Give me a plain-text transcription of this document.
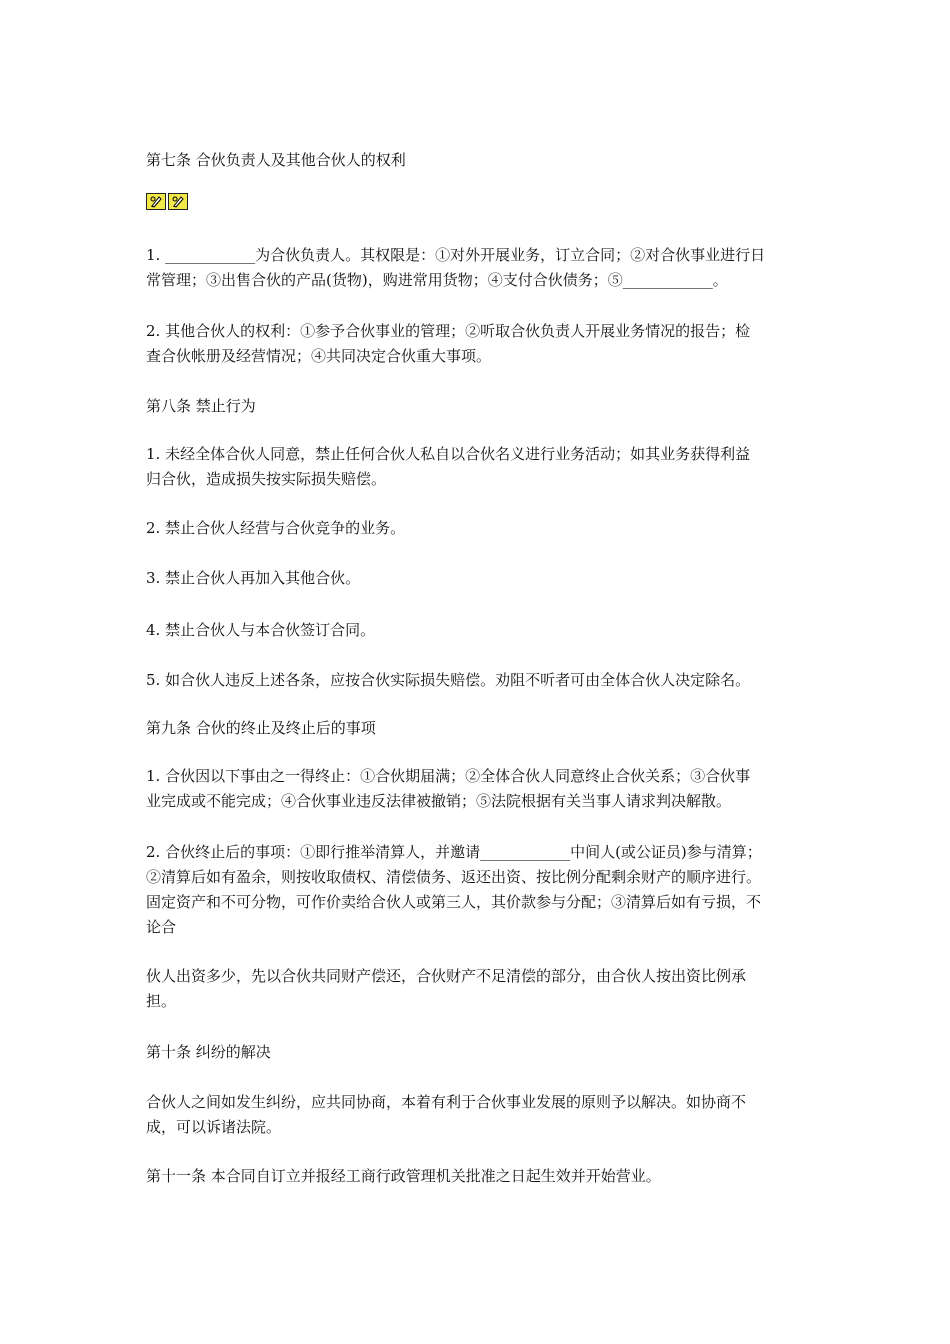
第七条 合伙负责人及其他合伙人的权利

1. ____________为合伙负责人。其权限是：①对外开展业务，订立合同；②对合伙事业进行日
常管理；③出售合伙的产品(货物)，购进常用货物；④支付合伙债务；⑤____________。
2. 其他合伙人的权利：①参予合伙事业的管理；②听取合伙负责人开展业务情况的报告；检
查合伙帐册及经营情况；④共同决定合伙重大事项。

第八条 禁止行为

1. 未经全体合伙人同意，禁止任何合伙人私自以合伙名义进行业务活动；如其业务获得利益
归合伙，造成损失按实际损失赔偿。

2. 禁止合伙人经营与合伙竞争的业务。

3. 禁止合伙人再加入其他合伙。

4. 禁止合伙人与本合伙签订合同。

5. 如合伙人违反上述各条，应按合伙实际损失赔偿。劝阻不听者可由全体合伙人决定除名。

第九条 合伙的终止及终止后的事项

1. 合伙因以下事由之一得终止：①合伙期届满；②全体合伙人同意终止合伙关系；③合伙事
业完成或不能完成；④合伙事业违反法律被撤销；⑤法院根据有关当事人请求判决解散。
2. 合伙终止后的事项：①即行推举清算人，并邀请____________中间人(或公证员)参与清算；
②清算后如有盈余，则按收取债权、清偿债务、返还出资、按比例分配剩余财产的顺序进行。
固定资产和不可分物，可作价卖给合伙人或第三人，其价款参与分配；③清算后如有亏损，不
论合
伙人出资多少，先以合伙共同财产偿还，合伙财产不足清偿的部分，由合伙人按出资比例承
担。

第十条 纠纷的解决

合伙人之间如发生纠纷，应共同协商，本着有利于合伙事业发展的原则予以解决。如协商不
成，可以诉诸法院。

第十一条 本合同自订立并报经工商行政管理机关批准之日起生效并开始营业。
